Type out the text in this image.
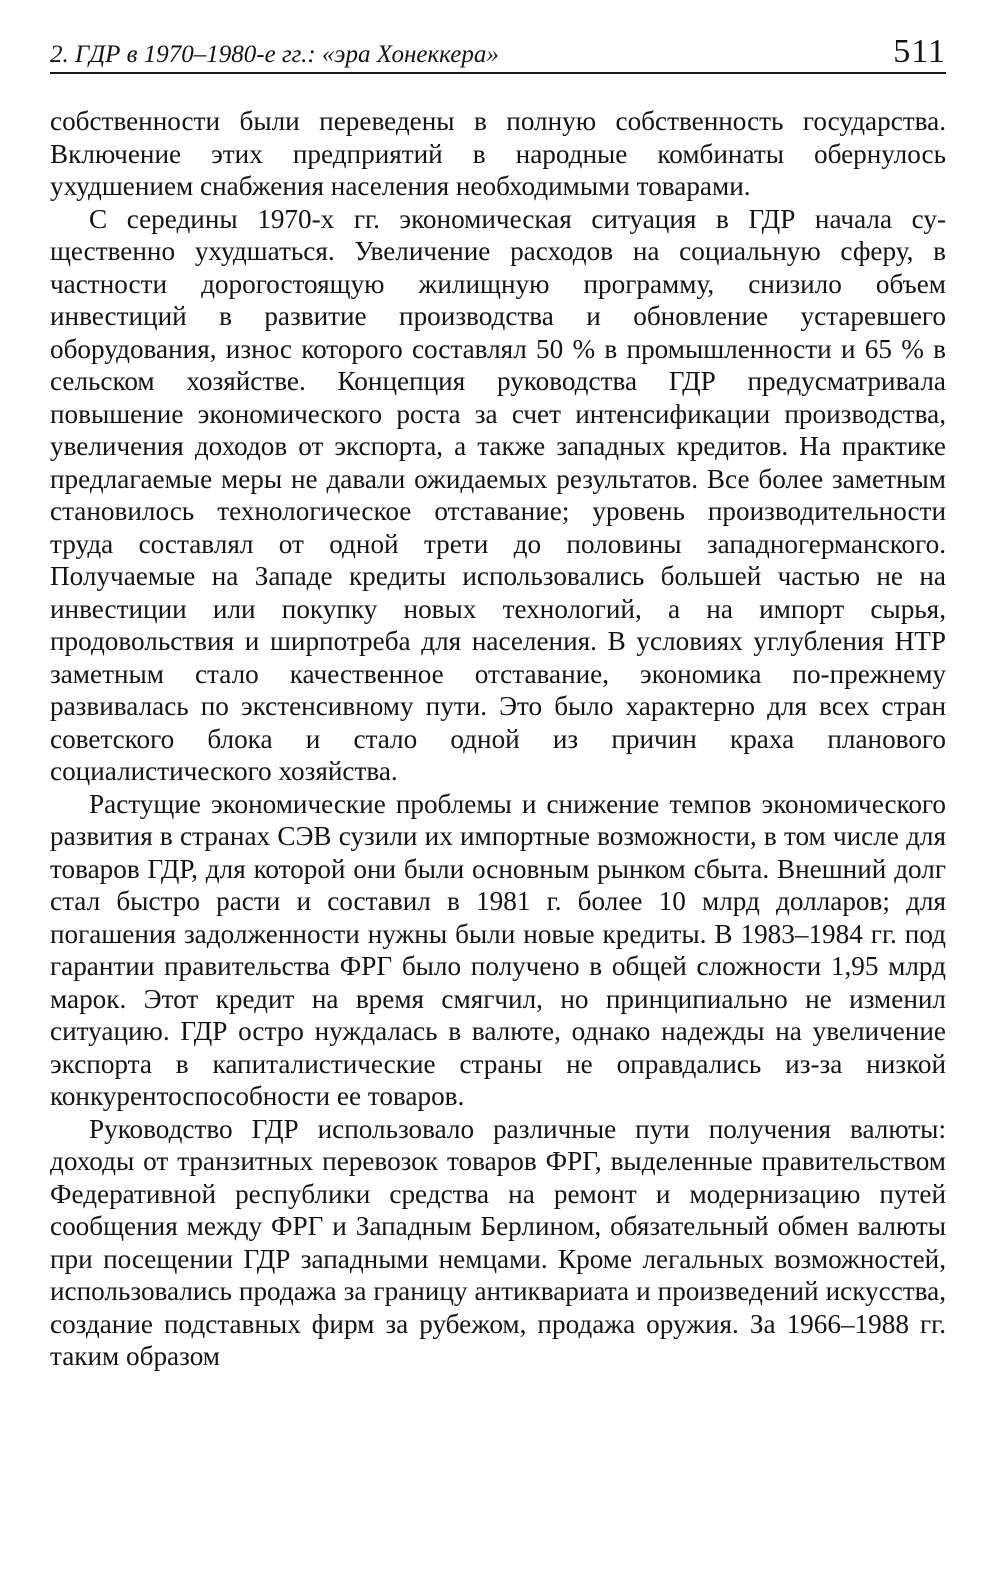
2. ГДР в 1970–1980-е гг.: «эра Хонеккера»	511

собственности были переведены в полную собственность государства. Включение этих предприятий в народные комбинаты обернулось ухудшением снабжения населения необходимыми товарами.

С середины 1970-х гг. экономическая ситуация в ГДР начала существенно ухудшаться. Увеличение расходов на социальную сферу, в частности дорогостоящую жилищную программу, снизило объем инвестиций в развитие производства и обновление устаревшего оборудования, износ которого составлял 50 % в промышленности и 65 % в сельском хозяйстве. Концепция руководства ГДР предусматривала повышение экономического роста за счет интенсификации производства, увеличения доходов от экспорта, а также западных кредитов. На практике предлагаемые меры не давали ожидаемых результатов. Все более заметным становилось технологическое отставание; уровень производительности труда составлял от одной трети до половины западногерманского. Получаемые на Западе кредиты использовались большей частью не на инвестиции или покупку новых технологий, а на импорт сырья, продовольствия и ширпотреба для населения. В условиях углубления НТР заметным стало качественное отставание, экономика по-прежнему развивалась по экстенсивному пути. Это было характерно для всех стран советского блока и стало одной из причин краха планового социалистического хозяйства.

Растущие экономические проблемы и снижение темпов экономического развития в странах СЭВ сузили их импортные возможности, в том числе для товаров ГДР, для которой они были основным рынком сбыта. Внешний долг стал быстро расти и составил в 1981 г. более 10 млрд долларов; для погашения задолженности нужны были новые кредиты. В 1983–1984 гг. под гарантии правительства ФРГ было получено в общей сложности 1,95 млрд марок. Этот кредит на время смягчил, но принципиально не изменил ситуацию. ГДР остро нуждалась в валюте, однако надежды на увеличение экспорта в капиталистические страны не оправдались из-за низкой конкурентоспособности ее товаров.

Руководство ГДР использовало различные пути получения валюты: доходы от транзитных перевозок товаров ФРГ, выделенные правительством Федеративной республики средства на ремонт и модернизацию путей сообщения между ФРГ и Западным Берлином, обязательный обмен валюты при посещении ГДР западными немцами. Кроме легальных возможностей, использовались продажа за границу антиквариата и произведений искусства, создание подставных фирм за рубежом, продажа оружия. За 1966–1988 гг. таким образом
